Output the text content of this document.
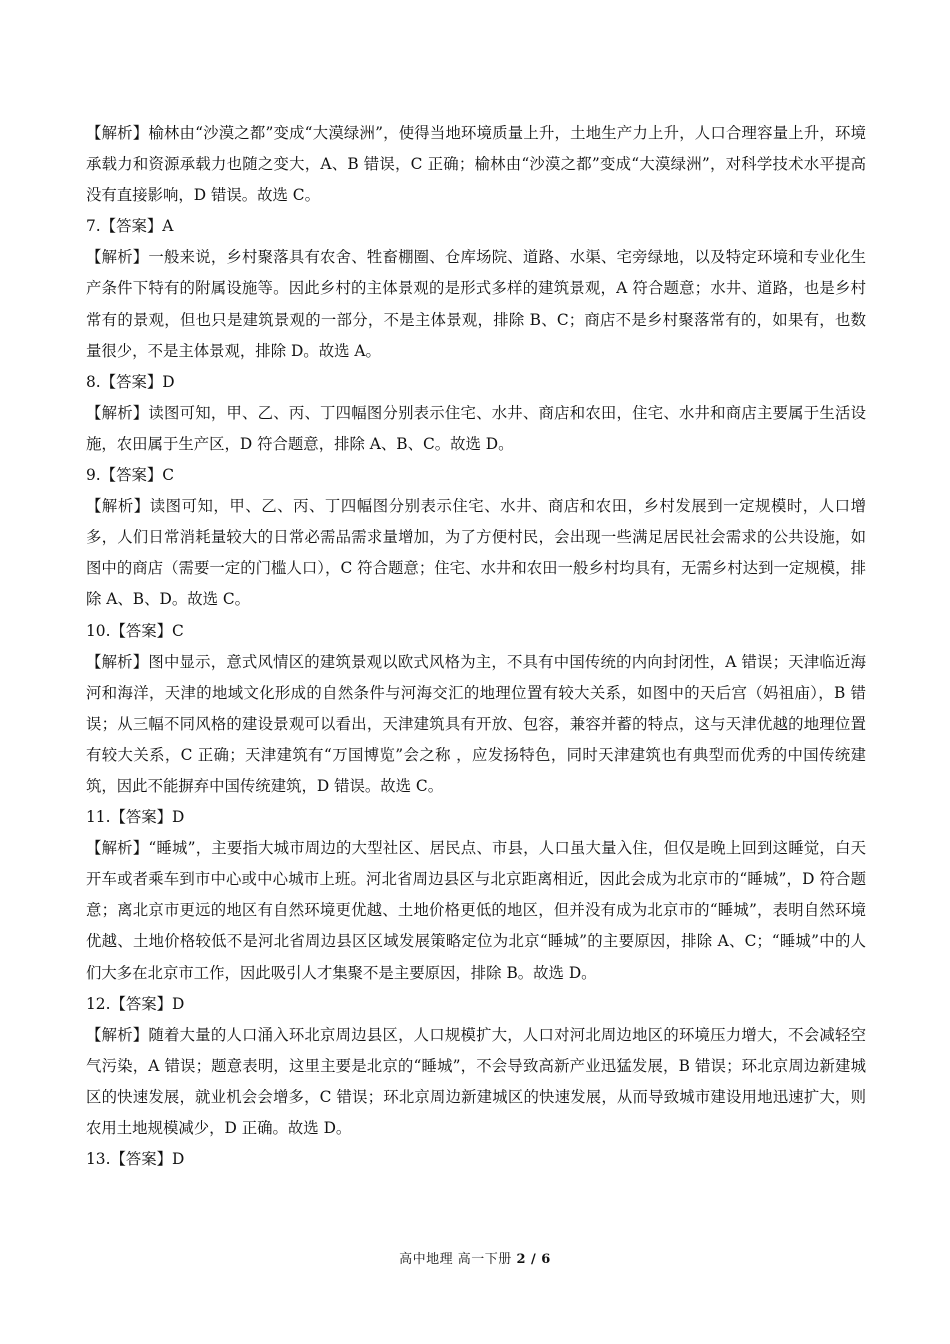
【解析】榆林由“沙漠之都”变成“大漠绿洲”，使得当地环境质量上升，土地生产力上升，人口合理容量上升，环境承载力和资源承载力也随之变大，A、B 错误，C 正确；榆林由“沙漠之都”变成“大漠绿洲”，对科学技术水平提高没有直接影响，D 错误。故选 C。

7.【答案】A

【解析】一般来说，乡村聚落具有农舍、牲畜棚圈、仓库场院、道路、水渠、宅旁绿地，以及特定环境和专业化生产条件下特有的附属设施等。因此乡村的主体景观的是形式多样的建筑景观，A 符合题意；水井、道路，也是乡村常有的景观，但也只是建筑景观的一部分，不是主体景观，排除 B、C；商店不是乡村聚落常有的，如果有，也数量很少，不是主体景观，排除 D。故选 A。

8.【答案】D

【解析】读图可知，甲、乙、丙、丁四幅图分别表示住宅、水井、商店和农田，住宅、水井和商店主要属于生活设施，农田属于生产区，D 符合题意，排除 A、B、C。故选 D。

9.【答案】C

【解析】读图可知，甲、乙、丙、丁四幅图分别表示住宅、水井、商店和农田，乡村发展到一定规模时，人口增多，人们日常消耗量较大的日常必需品需求量增加，为了方便村民，会出现一些满足居民社会需求的公共设施，如图中的商店（需要一定的门槛人口），C 符合题意；住宅、水井和农田一般乡村均具有，无需乡村达到一定规模，排除 A、B、D。故选 C。

10.【答案】C

【解析】图中显示，意式风情区的建筑景观以欧式风格为主，不具有中国传统的内向封闭性，A 错误；天津临近海河和海洋，天津的地域文化形成的自然条件与河海交汇的地理位置有较大关系，如图中的天后宫（妈祖庙），B 错误；从三幅不同风格的建设景观可以看出，天津建筑具有开放、包容，兼容并蓄的特点，这与天津优越的地理位置有较大关系，C 正确；天津建筑有“万国博览”会之称 ，应发扬特色，同时天津建筑也有典型而优秀的中国传统建筑，因此不能摒弃中国传统建筑，D 错误。故选 C。

11.【答案】D

【解析】“睡城”，主要指大城市周边的大型社区、居民点、市县，人口虽大量入住，但仅是晚上回到这睡觉，白天开车或者乘车到市中心或中心城市上班。河北省周边县区与北京距离相近，因此会成为北京市的“睡城”，D 符合题意；离北京市更远的地区有自然环境更优越、土地价格更低的地区，但并没有成为北京市的“睡城”，表明自然环境优越、土地价格较低不是河北省周边县区区域发展策略定位为北京“睡城”的主要原因，排除 A、C；“睡城”中的人们大多在北京市工作，因此吸引人才集聚不是主要原因，排除 B。故选 D。

12.【答案】D

【解析】随着大量的人口涌入环北京周边县区，人口规模扩大，人口对河北周边地区的环境压力增大，不会减轻空气污染，A 错误；题意表明，这里主要是北京的“睡城”，不会导致高新产业迅猛发展，B 错误；环北京周边新建城区的快速发展，就业机会会增多，C 错误；环北京周边新建城区的快速发展，从而导致城市建设用地迅速扩大，则农用土地规模减少，D 正确。故选 D。

13.【答案】D

高中地理 高一下册 2 / 6
